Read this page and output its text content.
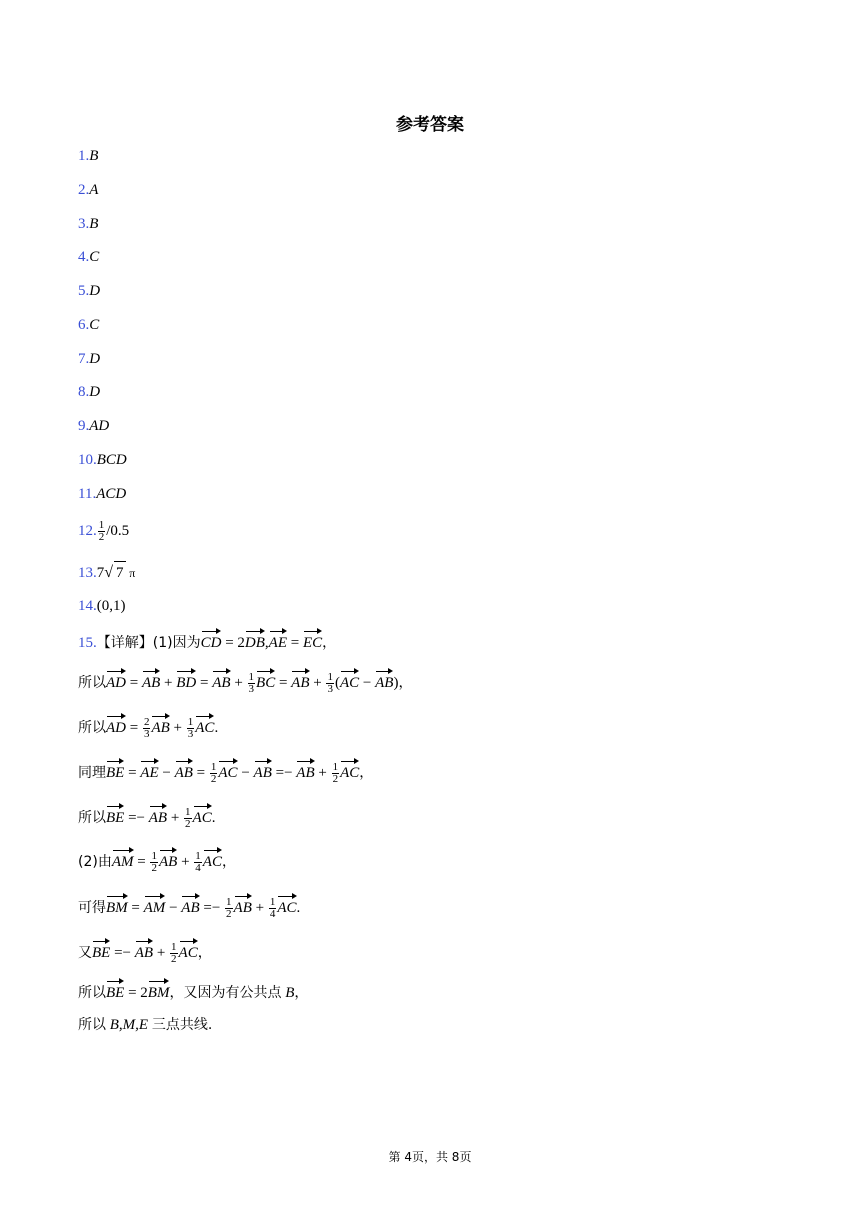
参考答案
1.B
2.A
3.B
4.C
5.D
6.C
7.D
8.D
9.AD
10.BCD
11.ACD
12. $\frac{1}{2} /0.5$
13.7√ 7 π
14.(0,1)
15.【详解】(1)因为CD = 2DB,AE = EC，
所以AD = AB + BD = AB + $\frac{1}{3}$ BC = AB + $\frac{1}{3} (AC - AB)$，
所以AD = $\frac{2}{3}$ AB + $\frac{1}{3}$ AC.
同理BE = AE − AB = $\frac{1}{2}$ AC − AB =− AB + $\frac{1}{2}$ AC，
所以BE =− AB + $\frac{1}{2}$ AC.
(2)由AM = $\frac{1}{2}$ AB + $\frac{1}{4}$ AC，
可得BM = AM − AB =− $\frac{1}{2}$ AB + $\frac{1}{4}$ AC.
又BE =− AB + $\frac{1}{2}$ AC，
所以BE = 2BM，又因为有公共点 B，
所以 B,M,E 三点共线.
第 4页，共 8页
